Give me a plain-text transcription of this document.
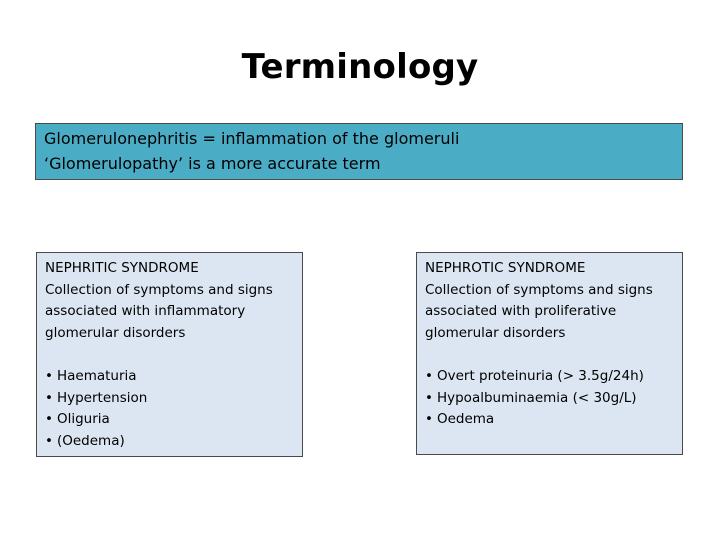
Terminology
Glomerulonephritis = inflammation of the glomeruli
‘Glomerulopathy’ is a more accurate term
NEPHRITIC SYNDROME
Collection of symptoms and signs
associated with inflammatory
glomerular disorders
• Haematuria
• Hypertension
• Oliguria
• (Oedema)
NEPHROTIC SYNDROME
Collection of symptoms and signs
associated with proliferative
glomerular disorders
• Overt proteinuria (> 3.5g/24h)
• Hypoalbuminaemia (< 30g/L)
• Oedema
